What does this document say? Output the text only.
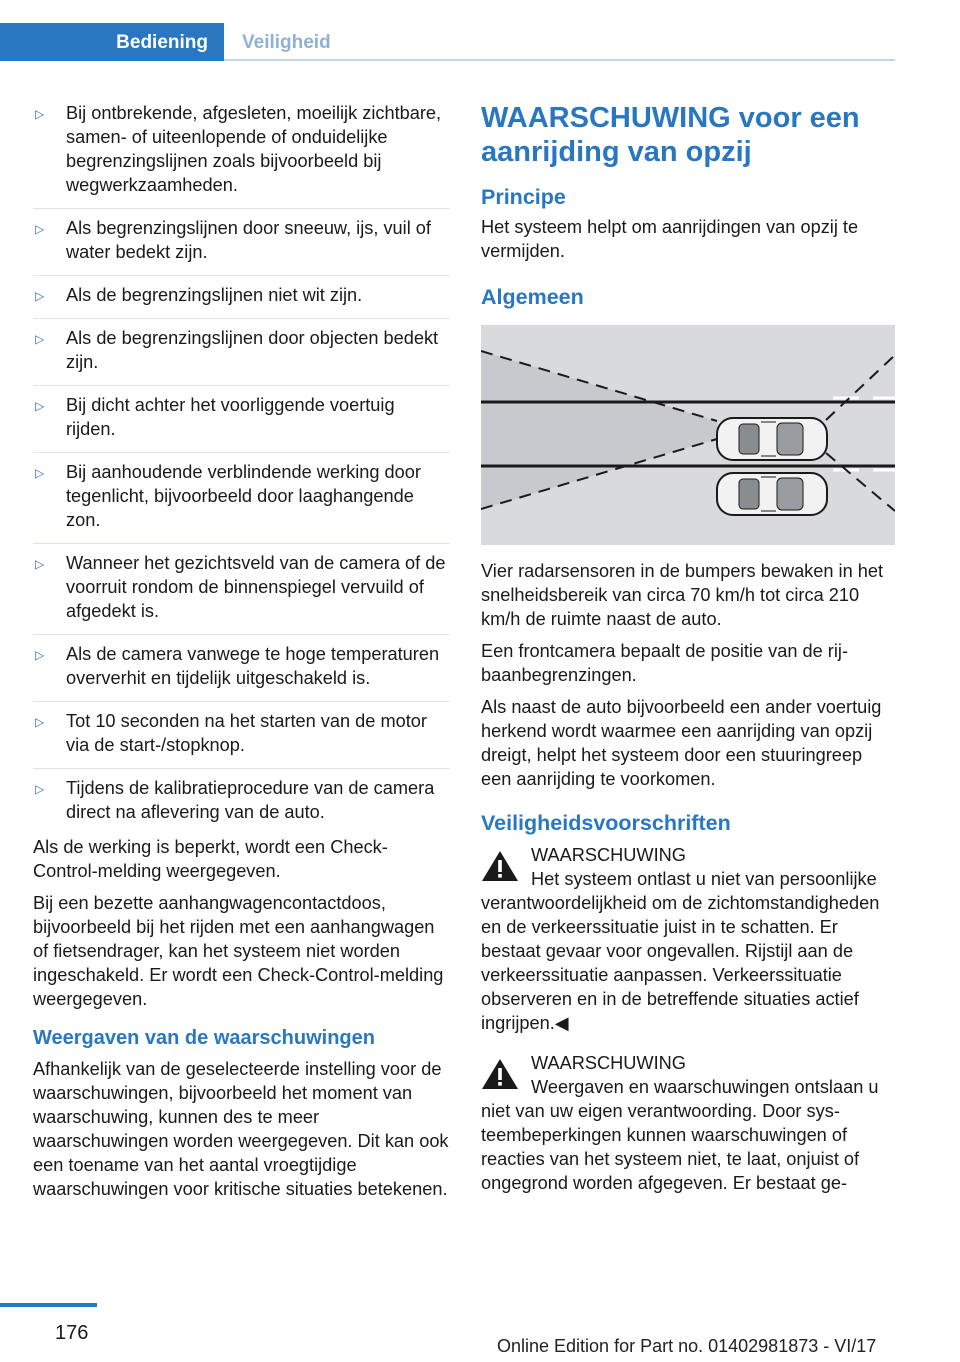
Bediening	Veiligheid
▷ Bij ontbrekende, afgesleten, moeilijk zichtbare, samen- of uiteenlopende of onduidelijke begrenzingslijnen zoals bijvoorbeeld bij wegwerkzaamheden.
▷ Als begrenzingslijnen door sneeuw, ijs, vuil of water bedekt zijn.
▷ Als de begrenzingslijnen niet wit zijn.
▷ Als de begrenzingslijnen door objecten bedekt zijn.
▷ Bij dicht achter het voorliggende voertuig rijden.
▷ Bij aanhoudende verblindende werking door tegenlicht, bijvoorbeeld door laaghangende zon.
▷ Wanneer het gezichtsveld van de camera of de voorruit rondom de binnenspiegel vervuild of afgedekt is.
▷ Als de camera vanwege te hoge temperaturen oververhit en tijdelijk uitgeschakeld is.
▷ Tot 10 seconden na het starten van de motor via de start-/stopknop.
▷ Tijdens de kalibratieprocedure van de camera direct na aflevering van de auto.

Als de werking is beperkt, wordt een Check-Control-melding weergegeven.

Bij een bezette aanhangwagencontactdoos, bijvoorbeeld bij het rijden met een aanhangwagen of fietsendrager, kan het systeem niet worden ingeschakeld. Er wordt een Check-Control-melding weergegeven.

Weergaven van de waarschuwingen

Afhankelijk van de geselecteerde instelling voor de waarschuwingen, bijvoorbeeld het moment van waarschuwing, kunnen des te meer waarschuwingen worden weergegeven. Dit kan ook een toename van het aantal vroegtijdige waarschuwingen voor kritische situaties betekenen.

WAARSCHUWING voor een aanrijding van opzij
Principe

Het systeem helpt om aanrijdingen van opzij te vermijden.

Algemeen

Vier radarsensoren in de bumpers bewaken in het snelheidsbereik van circa 70 km/h tot circa 210 km/h de ruimte naast de auto.

Een frontcamera bepaalt de positie van de rijbaanbegrenzingen.

Als naast de auto bijvoorbeeld een ander voertuig herkend wordt waarmee een aanrijding van opzij dreigt, helpt het systeem door een stuuringreep een aanrijding te voorkomen.

Veiligheidsvoorschriften
WAARSCHUWING
Het systeem ontlast u niet van persoonlijke verantwoordelijkheid om de zichtomstandigheden en de verkeerssituatie juist in te schatten. Er bestaat gevaar voor ongevallen. Rijstijl aan de verkeerssituatie aanpassen. Verkeerssituatie observeren en in de betreffende situaties actief ingrijpen.◀
WAARSCHUWING
Weergaven en waarschuwingen ontslaan u niet van uw eigen verantwoording. Door systeembeperkingen kunnen waarschuwingen of reacties van het systeem niet, te laat, onjuist of ongegrond worden afgegeven. Er bestaat ge-
176
Online Edition for Part no. 01402981873 - VI/17
